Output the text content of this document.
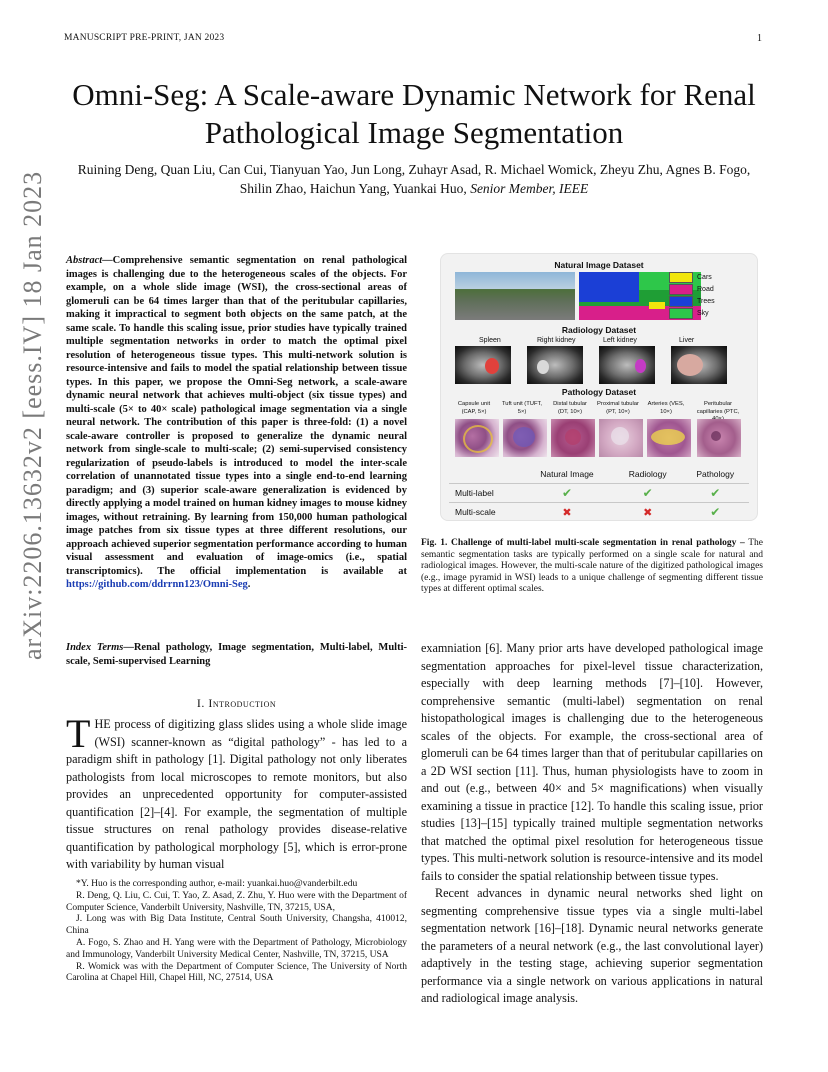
MANUSCRIPT PRE-PRINT, JAN 2023	1
Omni-Seg: A Scale-aware Dynamic Network for Renal Pathological Image Segmentation
Ruining Deng, Quan Liu, Can Cui, Tianyuan Yao, Jun Long, Zuhayr Asad, R. Michael Womick, Zheyu Zhu, Agnes B. Fogo, Shilin Zhao, Haichun Yang, Yuankai Huo, Senior Member, IEEE
arXiv:2206.13632v2 [eess.IV] 18 Jan 2023 Abstract—Comprehensive semantic segmentation on renal pathological images is challenging due to the heterogeneous scales of the objects. For example, on a whole slide image (WSI), the cross-sectional areas of glomeruli can be 64 times larger than that of the peritubular capillaries, making it impractical to segment both objects on the same patch, at the same scale. To handle this scaling issue, prior studies have typically trained multiple segmentation networks in order to match the optimal pixel resolution of heterogeneous tissue types. This multi-network solution is resource-intensive and fails to model the spatial relationship between tissue types. In this paper, we propose the Omni-Seg network, a scale-aware dynamic neural network that achieves multi-object (six tissue types) and multi-scale (5× to 40× scale) pathological image segmentation via a single neural network. The contribution of this paper is three-fold: (1) a novel scale-aware controller is proposed to generalize the dynamic neural network from single-scale to multi-scale; (2) semi-supervised consistency regularization of pseudo-labels is introduced to model the inter-scale correlation of unannotated tissue types into a single end-to-end learning paradigm; and (3) superior scale-aware generalization is evidenced by directly applying a model trained on human kidney images to mouse kidney images, without retraining. By learning from 150,000 human pathological image patches from six tissue types at three different resolutions, our approach achieved superior segmentation performance according to human visual assessment and evaluation of image-omics (i.e., spatial transcriptomics). The official implementation is available at https://github.com/ddrrnn123/Omni-Seg.
Index Terms—Renal pathology, Image segmentation, Multi-label, Multi-scale, Semi-supervised Learning
I. Introduction
THE process of digitizing glass slides using a whole slide image (WSI) scanner-known as “digital pathology” - has led to a paradigm shift in pathology [1]. Digital pathology not only liberates pathologists from local microscopes to remote monitors, but also provides an unprecedented opportunity for computer-assisted quantification [2]–[4]. For example, the segmentation of multiple tissue structures on renal pathology provides disease-relative quantification by pathological morphology [5], which is error-prone with variability by human visual

*Y. Huo is the corresponding author, e-mail: yuankai.huo@vanderbilt.edu

R. Deng, Q. Liu, C. Cui, T. Yao, Z. Asad, Z. Zhu, Y. Huo were with the Department of Computer Science, Vanderbilt University, Nashville, TN, 37215, USA,

J. Long was with Big Data Institute, Central South University, Changsha, 410012, China

A. Fogo, S. Zhao and H. Yang were with the Department of Pathology, Microbiology and Immunology, Vanderbilt University Medical Center, Nashville, TN, 37215, USA

R. Womick was with the Department of Computer Science, The University of North Carolina at Chapel Hill, Chapel Hill, NC, 27514, USA

Natural Image Dataset
Cars
Road
Trees
Sky
Radiology Dataset
Spleen	Right kidney	Left kidney	Liver
Pathology Dataset
Capsule unit (CAP, 5×)
Tuft unit (TUFT, 5×)
Distal tubular (DT, 10×)
Proximal tubular (PT, 10×)
Arteries (VES, 10×)
Peritubular capillaries (PTC,
	Natural Image	Radiology	Pathology
Multi-label	✔	✔	✔
Multi-scale	✖	✖	✔
Fig. 1. Challenge of multi-label multi-scale segmentation in renal pathology – The semantic segmentation tasks are typically performed on a single scale for natural and radiological images. However, the multi-scale nature of the digitized pathological images (e.g., image pyramid in WSI) leads to a unique challenge of segmenting different tissue types at different optimal scales.

examniation [6]. Many prior arts have developed pathological image segmentation approaches for pixel-level tissue characterization, especially with deep learning methods [7]–[10]. However, comprehensive semantic (multi-label) segmentation on renal histopathological images is challenging due to the heterogeneous scales of the objects. For example, the cross-sectional area of glomeruli can be 64 times larger than that of peritubular capillaries on a 2D WSI section [11]. Thus, human physiologists have to zoom in and out (e.g., between 40× and 5× magnifications) when visually examining a tissue in practice [12]. To handle this scaling issue, prior studies [13]–[15] typically trained multiple segmentation networks that matched the optimal pixel resolution for heterogeneous tissue types. This multi-network solution is resource-intensive and its model fails to consider the spatial relationship between tissue types.

Recent advances in dynamic neural networks shed light on segmenting comprehensive tissue types via a single multi-label segmentation network [16]–[18]. Dynamic neural networks generate the parameters of a neural network (e.g., the last convolutional layer) adaptively in the testing stage, achieving superior segmentation performance via a single network on various applications in natural and radiological image analysis.
